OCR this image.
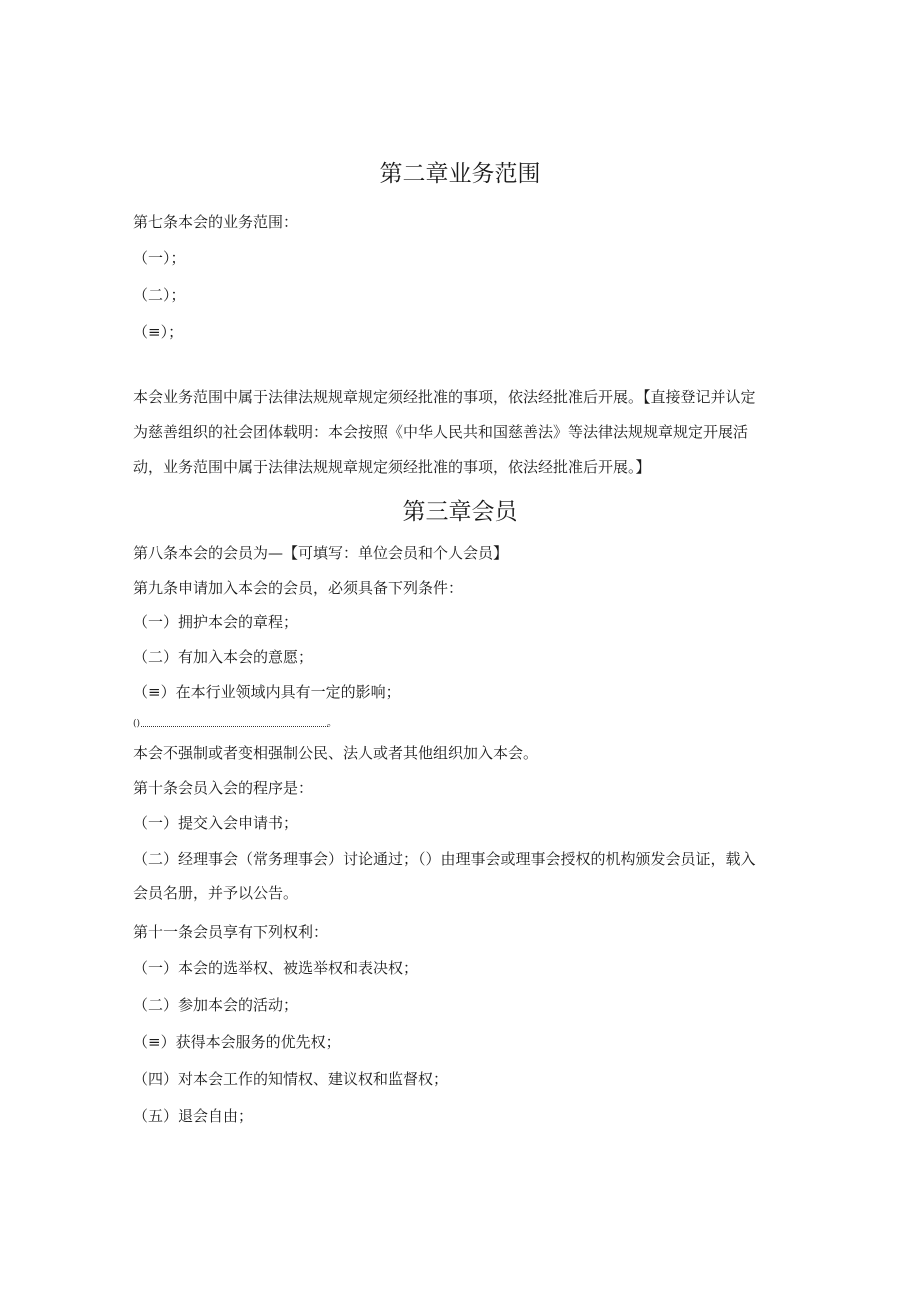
第二章业务范围
第七条本会的业务范围：
（一）；
（二）；
（≡）；
本会业务范围中属于法律法规规章规定须经批准的事项，依法经批准后开展。【直接登记并认定
为慈善组织的社会团体载明：本会按照《中华人民共和国慈善法》等法律法规规章规定开展活
动，业务范围中属于法律法规规章规定须经批准的事项，依法经批准后开展。】
第三章会员
第八条本会的会员为—【可填写：单位会员和个人会员】
第九条申请加入本会的会员，必须具备下列条件：
（一）拥护本会的章程；
（二）有加入本会的意愿；
（≡）在本行业领域内具有一定的影响；
()	。
本会不强制或者变相强制公民、法人或者其他组织加入本会。
第十条会员入会的程序是：
（一）提交入会申请书；
（二）经理事会（常务理事会）讨论通过；（）由理事会或理事会授权的机构颁发会员证，载入
会员名册，并予以公告。
第十一条会员享有下列权利：
（一）本会的选举权、被选举权和表决权；
（二）参加本会的活动；
（≡）获得本会服务的优先权；
（四）对本会工作的知情权、建议权和监督权；
（五）退会自由；
